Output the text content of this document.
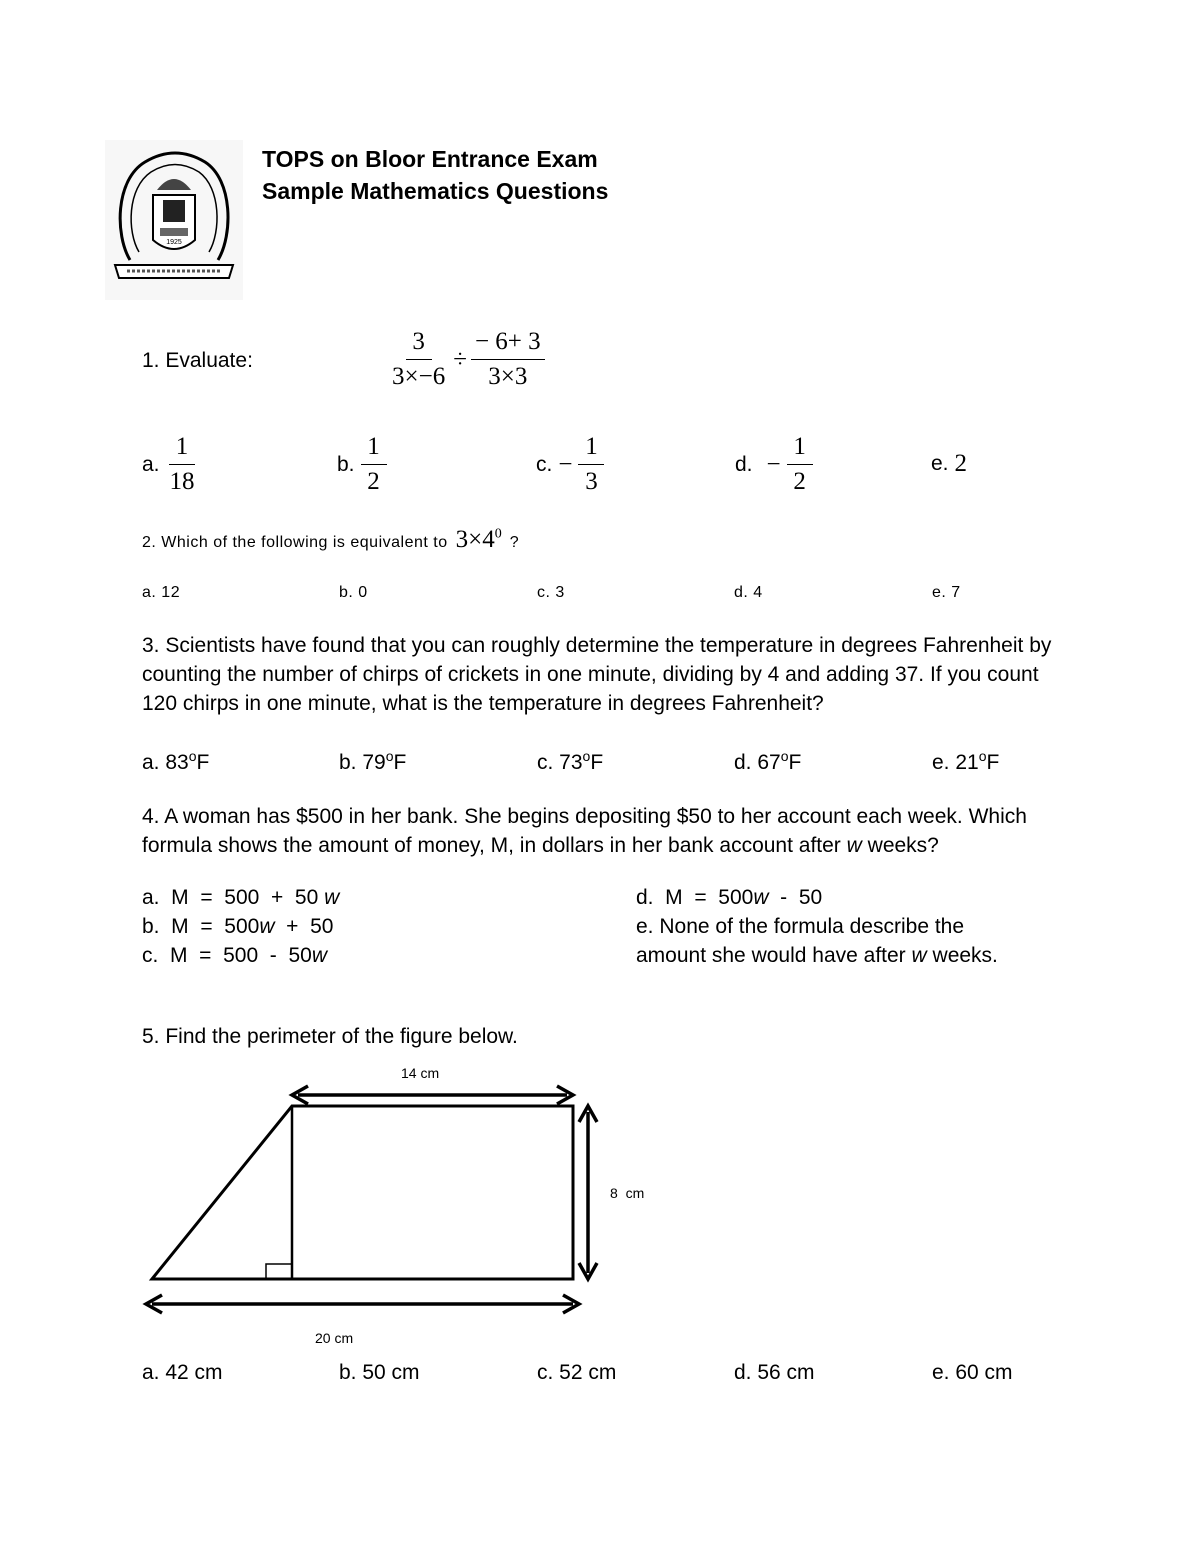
1925
TOPS on Bloor Entrance Exam
Sample Mathematics Questions
1. Evaluate:	$\frac{3}{3\times-6} \div \frac{- 6+ 3}{3\times 3}$
a. $\frac{1}{18}$	b. $\frac{1}{2}$	c. − $\frac{1}{3}$	d. − $\frac{1}{2}$	e. 2
2. Which of the following is equivalent to $3\times 4^0$ ?
a. 12	b. 0	c. 3	d. 4	e. 7
3. Scientists have found that you can roughly determine the temperature in degrees Fahrenheit by counting the number of chirps of crickets in one minute, dividing by 4 and adding 37. If you count 120 chirps in one minute, what is the temperature in degrees Fahrenheit?
a. 83$^o$F	b. 79$^o$F	c. 73$^o$F	d. 67$^o$F	e. 21$^o$F
4. A woman has $500 in her bank. She begins depositing $50 to her account each week. Which
formula shows the amount of money, M, in dollars in her bank account after w weeks?
a.  M  =  500  +  50 w
b.  M  =  500w  +  50
c.  M  =  500  -  50w
d.  M  =  500w  -  50
e. None of the formula describe the
amount she would have after w weeks.
5. Find the perimeter of the figure below.
14 cm
8  cm
20 cm
a. 42 cm	b. 50 cm	c. 52 cm	d. 56 cm	e. 60 cm
